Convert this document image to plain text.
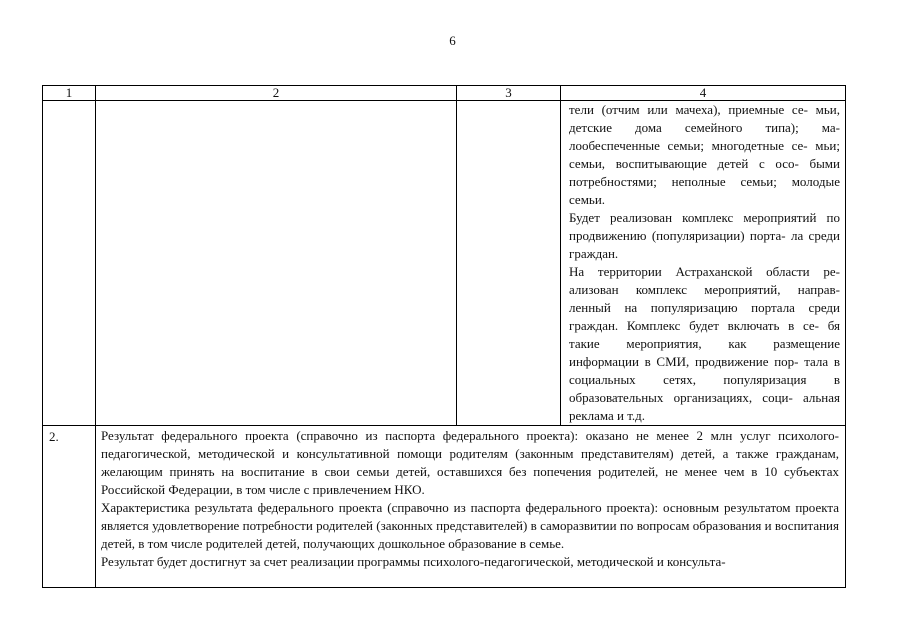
6
1	2	3	4

			тели (отчим или мачеха), приемные се- мьи, детские дома семейного типа); ма- лообеспеченные семьи; многодетные се- мьи; семьи, воспитывающие детей с осо- быми потребностями; неполные семьи; молодые семьи.

Будет реализован комплекс мероприятий по продвижению (популяризации) порта- ла среди граждан.

На территории Астраханской области ре- ализован комплекс мероприятий, направ- ленный на популяризацию портала среди граждан. Комплекс будет включать в се- бя такие мероприятия, как размещение информации в СМИ, продвижение пор- тала в социальных сетях, популяризация в образовательных организациях, соци- альная реклама и т.д.

2.	Результат федерального проекта (справочно из паспорта федерального проекта): оказано не менее 2 млн услуг психолого-педагогической, методической и консультативной помощи родителям (законным представителям) детей, а также гражданам, желающим принять на воспитание в свои семьи детей, оставшихся без попечения родителей, не менее чем в 10 субъектах Российской Федерации, в том числе с привлечением НКО.

Характеристика результата федерального проекта (справочно из паспорта федерального проекта): основным результатом проекта является удовлетворение потребности родителей (законных представителей) в саморазвитии по вопросам образования и воспитания детей, в том числе родителей детей, получающих дошкольное образование в семье.

Результат будет достигнут за счет реализации программы психолого-педагогической, методической и консульта-		
